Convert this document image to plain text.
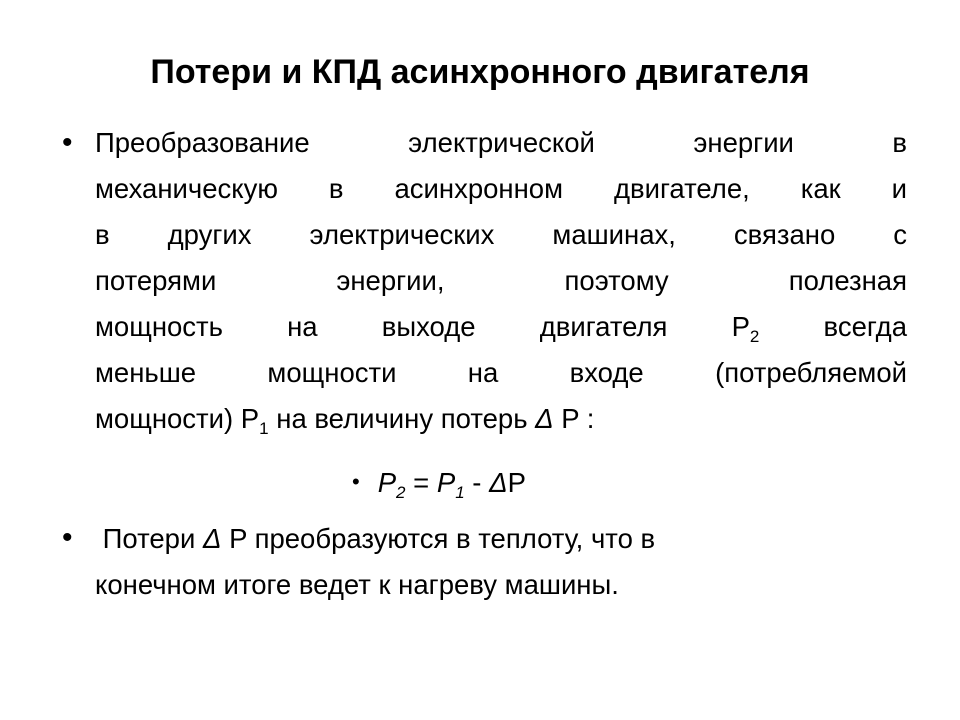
Потери и КПД асинхронного двигателя
• Преобразование электрической энергии в
механическую в асинхронном двигателе, как и
в других электрических машинах, связано с
потерями энергии, поэтому полезная
мощность на выходе двигателя $P_2$ всегда
меньше мощности на входе (потребляемой
мощности) $P_1$ на величину потерь Δ P :
• $P_2 = P_1 - \Delta P$
• Потери Δ P преобразуются в теплоту, что в
конечном итоге ведет к нагреву машины.
